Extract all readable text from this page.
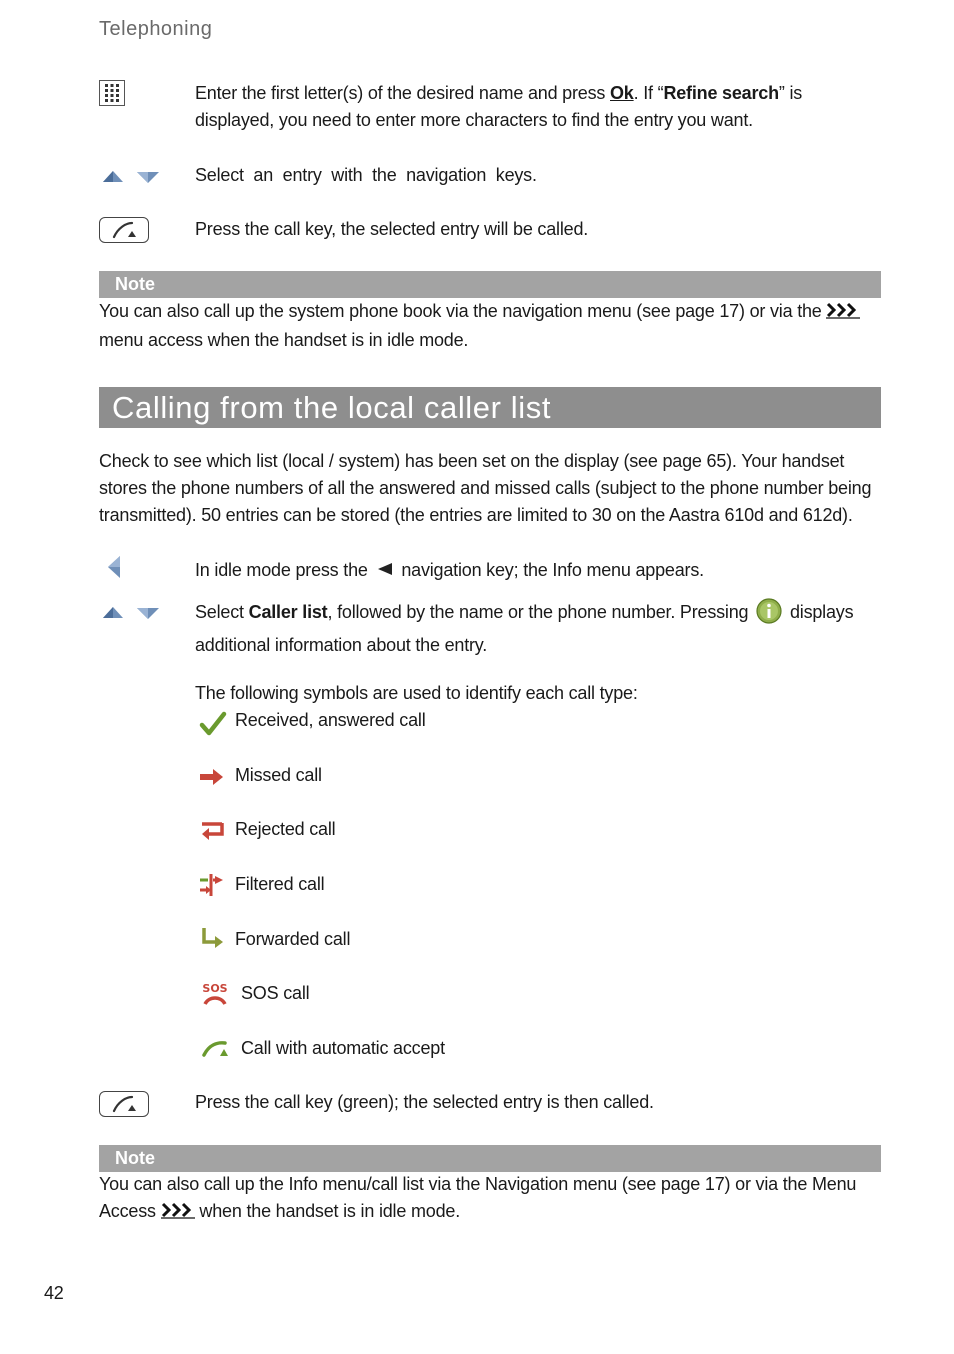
Telephoning
Enter the first letter(s) of the desired name and press Ok. If “Refine search” is displayed, you need to enter more characters to find the entry you want.
Select  an  entry  with  the  navigation  keys.
Press the call key, the selected entry will be called.
Note
You can also call up the system phone book via the navigation menu (see page 17) or via the  menu access when the handset is in idle mode.
Calling from the local caller list
Check to see which list (local / system) has been set on the display (see page 65). Your handset stores the phone numbers of all the answered and missed calls (subject to the phone number being transmitted). 50 entries can be stored (the entries are limited to 30 on the Aastra 610d and 612d).
In idle mode press the  navigation key; the Info menu appears.
Select Caller list, followed by the name or the phone number. Pressing  displays additional information about the entry.
The following symbols are used to identify each call type:
Received, answered call
Missed call
Rejected call
Filtered call
Forwarded call
SOS SOS call
Call with automatic accept
Press the call key (green); the selected entry is then called.
Note
You can also call up the Info menu/call list via the Navigation menu (see page 17) or via the Menu
Access  when the handset is in idle mode.
42
